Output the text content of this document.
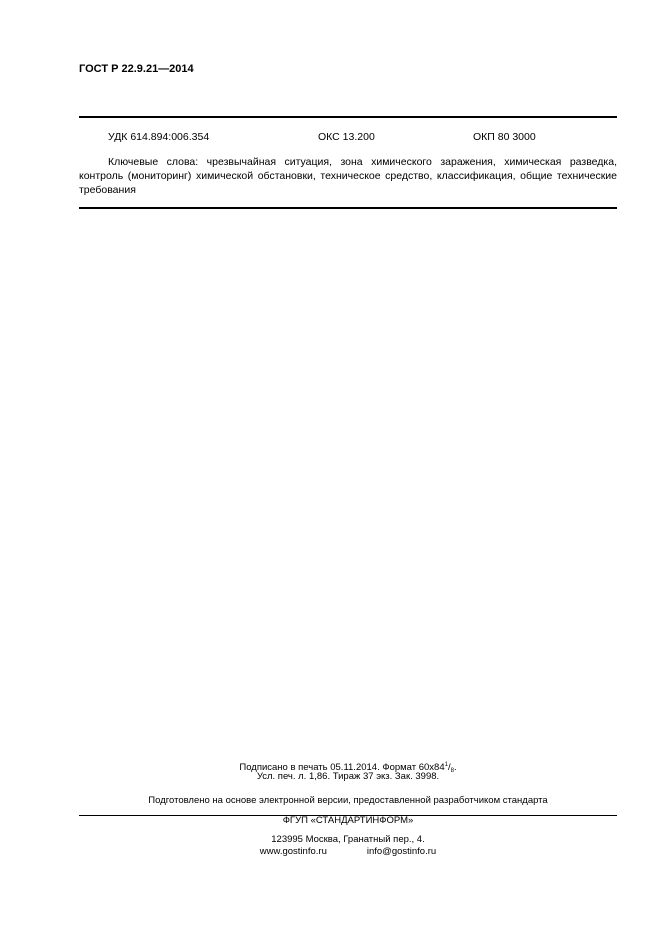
ГОСТ Р 22.9.21—2014
УДК 614.894:006.354	ОКС 13.200	ОКП 80 3000
Ключевые слова: чрезвычайная ситуация, зона химического заражения, химическая разведка, контроль (мониторинг) химической обстановки, техническое средство, классификация, общие технические требования
Подписано в печать 05.11.2014. Формат $60х84^1/_8$.
Усл. печ. л. 1,86. Тираж 37 экз. Зак. 3998.
Подготовлено на основе электронной версии, предоставленной разработчиком стандарта
ФГУП «СТАНДАРТИНФОРМ»
123995 Москва, Гранатный пер., 4.
www.gostinfo.ru	info@gostinfo.ru
